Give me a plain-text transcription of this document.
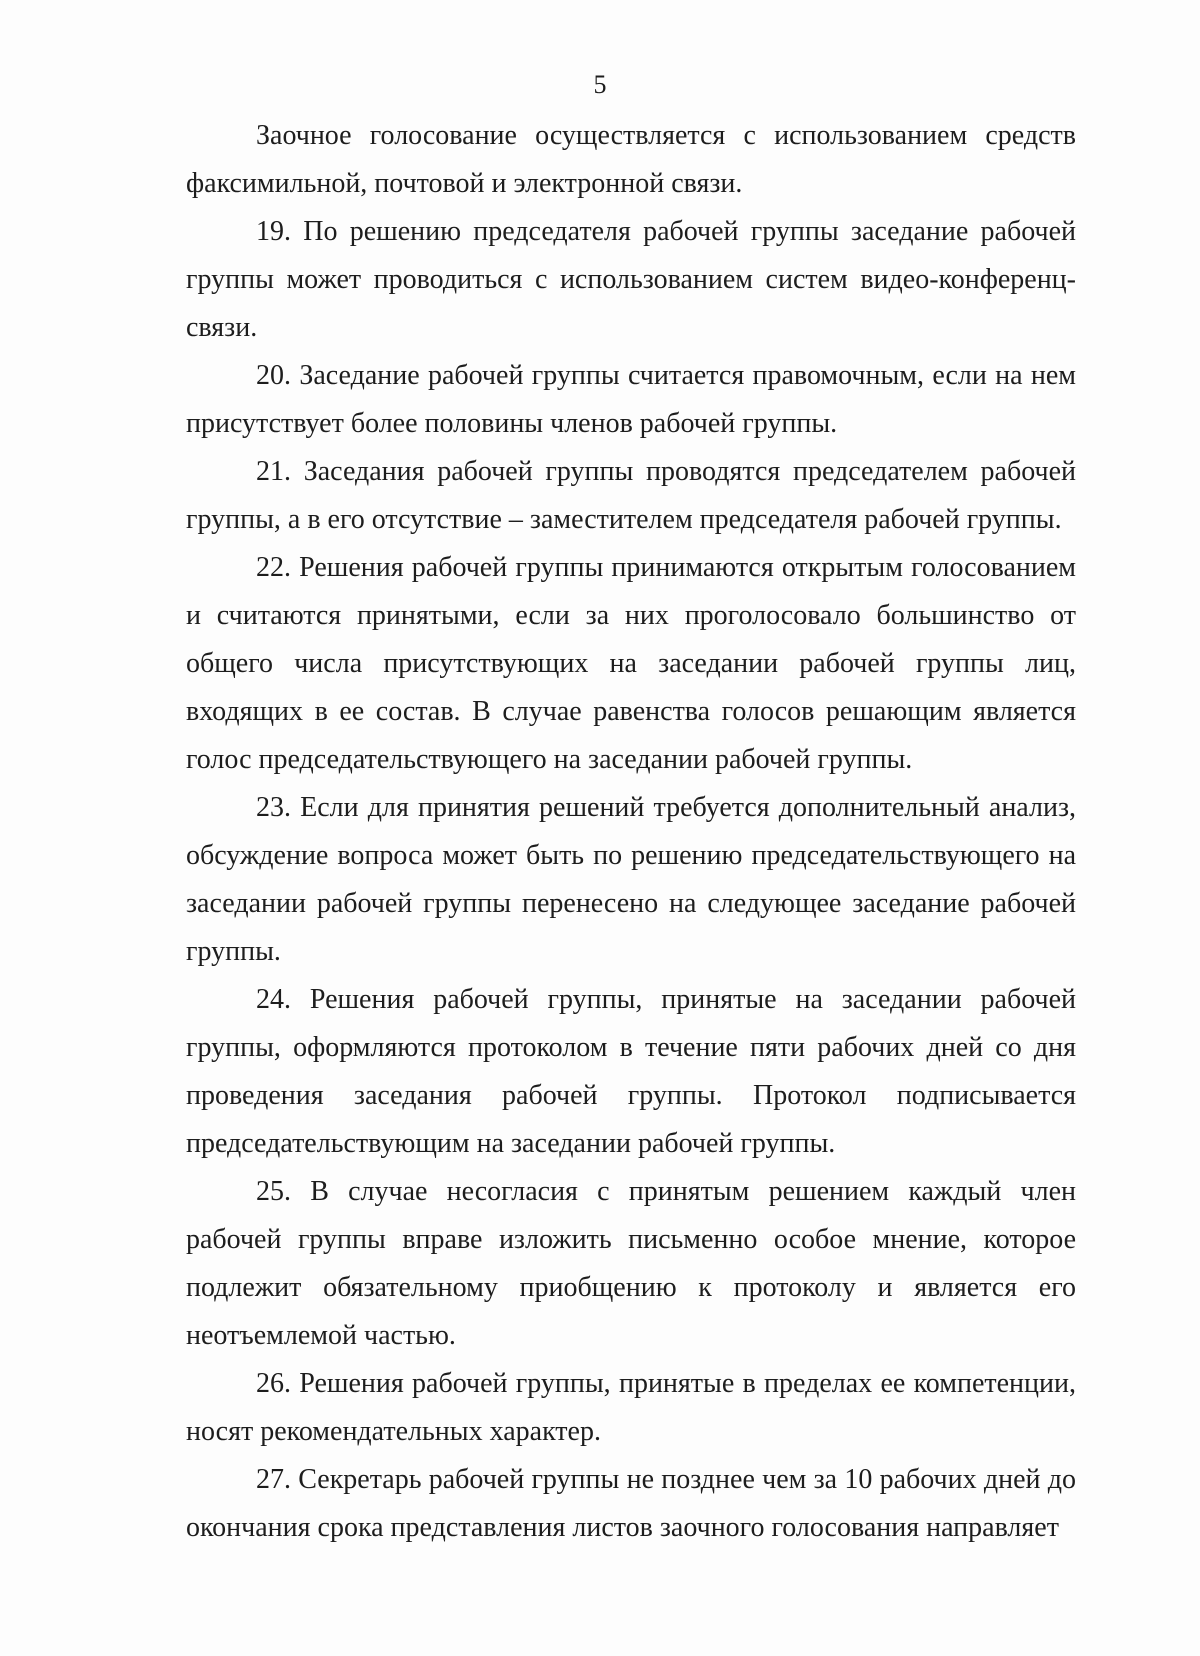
5

Заочное голосование осуществляется с использованием средств факсимильной, почтовой и электронной связи.

19. По решению председателя рабочей группы заседание рабочей группы может проводиться с использованием систем видео-конференц-связи.

20. Заседание рабочей группы считается правомочным, если на нем присутствует более половины членов рабочей группы.

21. Заседания рабочей группы проводятся председателем рабочей группы, а в его отсутствие – заместителем председателя рабочей группы.

22. Решения рабочей группы принимаются открытым голосованием и считаются принятыми, если за них проголосовало большинство от общего числа присутствующих на заседании рабочей группы лиц, входящих в ее состав. В случае равенства голосов решающим является голос председательствующего на заседании рабочей группы.

23. Если для принятия решений требуется дополнительный анализ, обсуждение вопроса может быть по решению председательствующего на заседании рабочей группы перенесено на следующее заседание рабочей группы.

24. Решения рабочей группы, принятые на заседании рабочей группы, оформляются протоколом в течение пяти рабочих дней со дня проведения заседания рабочей группы. Протокол подписывается председательствующим на заседании рабочей группы.

25. В случае несогласия с принятым решением каждый член рабочей группы вправе изложить письменно особое мнение, которое подлежит обязательному приобщению к протоколу и является его неотъемлемой частью.

26. Решения рабочей группы, принятые в пределах ее компетенции, носят рекомендательных характер.

27. Секретарь рабочей группы не позднее чем за 10 рабочих дней до окончания срока представления листов заочного голосования направляет
